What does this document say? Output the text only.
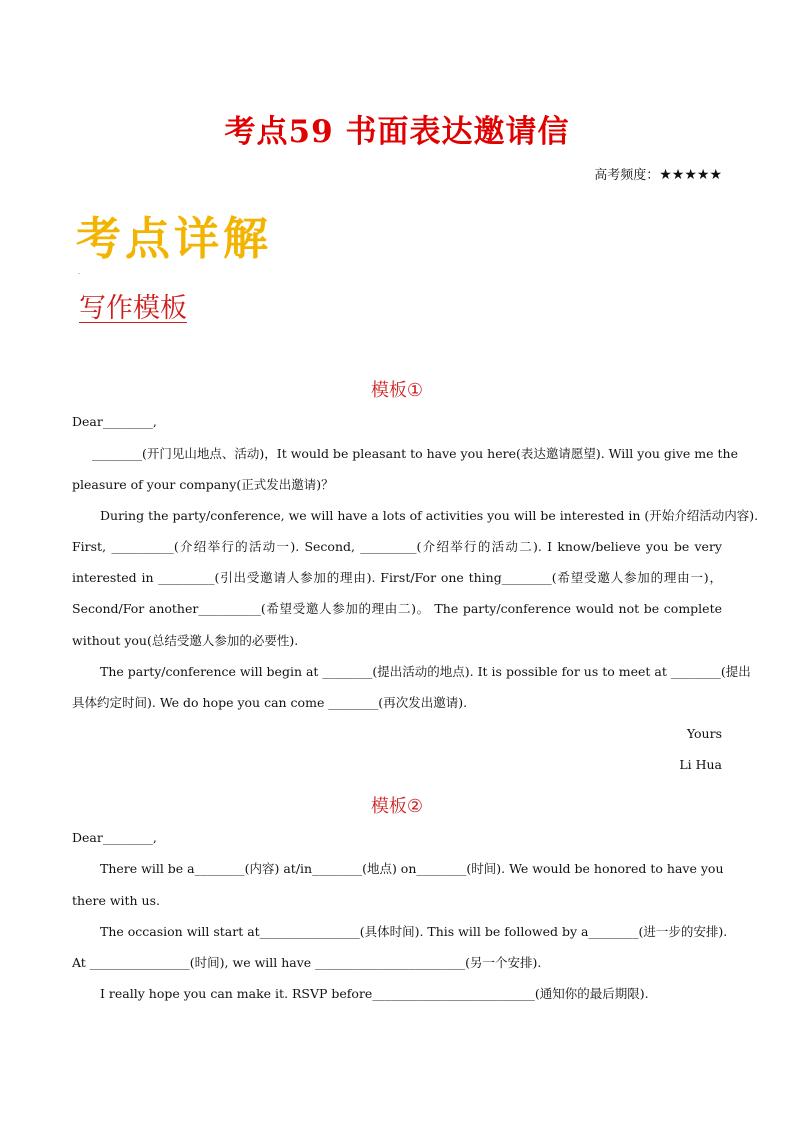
考点59 书面表达邀请信
高考频度：★★★★★
考点详解
-
写作模板
模板①
Dear________,
________(开门见山地点、活动)，It would be pleasant to have you here(表达邀请愿望). Will you give me the
pleasure of your company(正式发出邀请)？
During the party/conference, we will have a lots of activities you will be interested in (开始介绍活动内容).
First, __________(介绍举行的活动一). Second, _________(介绍举行的活动二). I know/believe you be very
interested in _________(引出受邀请人参加的理由). First/For one thing________(希望受邀人参加的理由一)，
Second/For another__________(希望受邀人参加的理由二)。 The party/conference would not be complete
without you(总结受邀人参加的必要性).
The party/conference will begin at ________(提出活动的地点). It is possible for us to meet at ________(提出
具体约定时间). We do hope you can come ________(再次发出邀请).
Yours
Li Hua
模板②
Dear________,
There will be a________(内容) at/in________(地点) on________(时间). We would be honored to have you
there with us.
The occasion will start at________________(具体时间). This will be followed by a________(进一步的安排).
At ________________(时间), we will have ________________________(另一个安排).
I really hope you can make it. RSVP before__________________________(通知你的最后期限).
